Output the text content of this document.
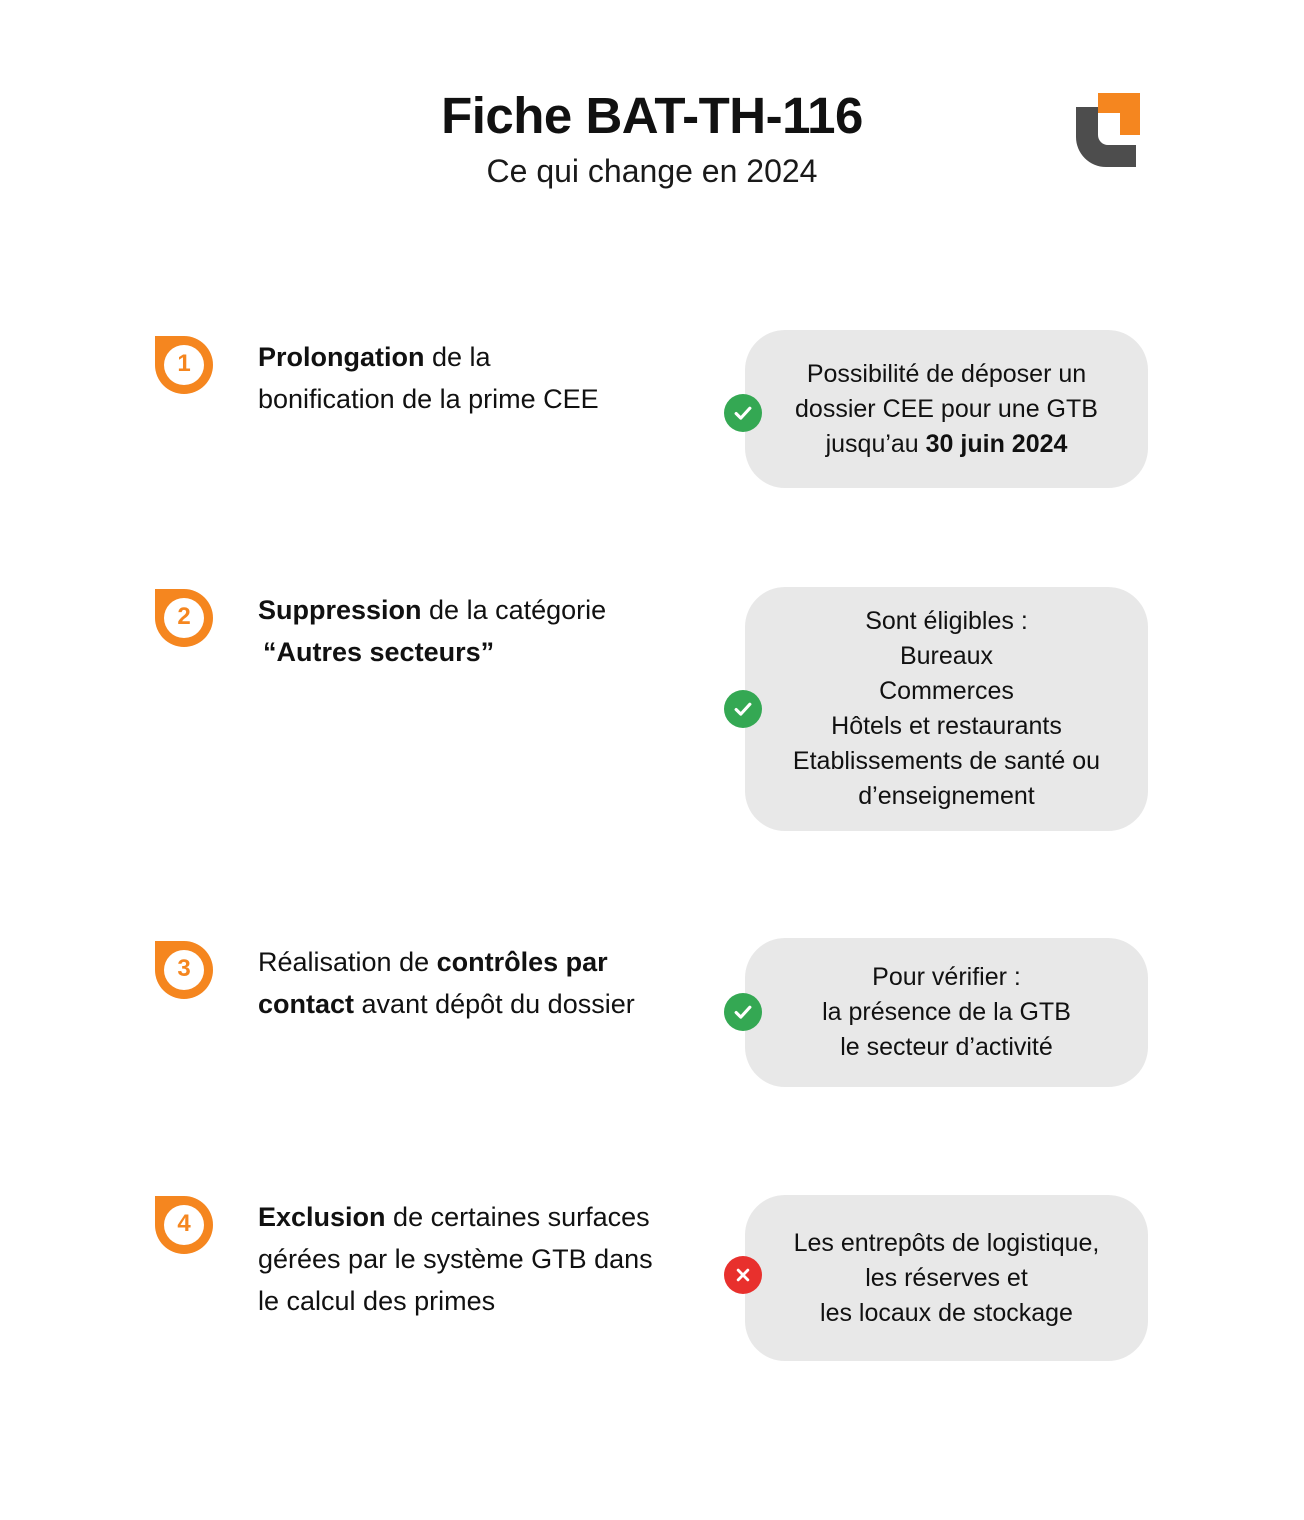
Fiche BAT-TH-116

Ce qui change en 2024

1 Prolongation de la bonification de la prime CEE
Possibilité de déposer un dossier CEE pour une GTB jusqu’au 30 juin 2024
2 Suppression de la catégorie
“Autres secteurs”
Sont éligibles :
Bureaux
Commerces
Hôtels et restaurants
Etablissements de santé ou d’enseignement
3 Réalisation de contrôles par contact avant dépôt du dossier
Pour vérifier :
la présence de la GTB
le secteur d’activité
4 Exclusion de certaines surfaces gérées par le système GTB dans le calcul des primes
Les entrepôts de logistique,
les réserves et
les locaux de stockage
